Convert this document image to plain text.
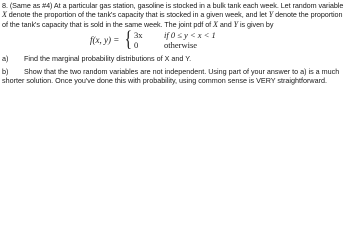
8. (Same as #4) At a particular gas station, gasoline is stocked in a bulk tank each week. Let random variable X denote the proportion of the tank's capacity that is stocked in a given week, and let Y denote the proportion of the tank's capacity that is sold in the same week. The joint pdf of X and Y is given by

f(x, y) = { 3x	if 0 ≤ y < x < 1
0	otherwise

a) Find the marginal probability distributions of X and Y.

b) Show that the two random variables are not independent. Using part of your answer to a) is a much shorter solution. Once you've done this with probability, using common sense is VERY straightforward.
